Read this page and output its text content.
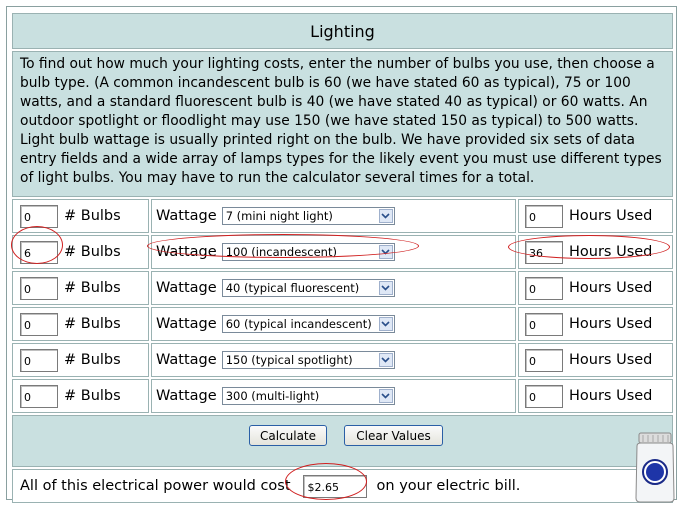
Lighting
To find out how much your lighting costs, enter the number of bulbs you use, then choose a bulb type. (A common incandescent bulb is 60 (we have stated 60 as typical), 75 or 100 watts, and a standard fluorescent bulb is 40 (we have stated 40 as typical) or 60 watts. An outdoor spotlight or floodlight may use 150 (we have stated 150 as typical) to 500 watts. Light bulb wattage is usually printed right on the bulb. We have provided six sets of data entry fields and a wide array of lamps types for the likely event you must use different types of light bulbs. You may have to run the calculator several times for a total.
0	# Bulbs Wattage 7 (mini night light)	0	Hours Used
6	# Bulbs Wattage 100 (incandescent)	36	Hours Used
0	# Bulbs Wattage 40 (typical fluorescent)	0	Hours Used
0	# Bulbs Wattage 60 (typical incandescent)	0	Hours Used
0	# Bulbs Wattage 150 (typical spotlight)	0	Hours Used
0	# Bulbs Wattage 300 (multi-light)	0	Hours Used
Calculate	Clear Values
All of this electrical power would cost	$2.65	on your electric bill.
